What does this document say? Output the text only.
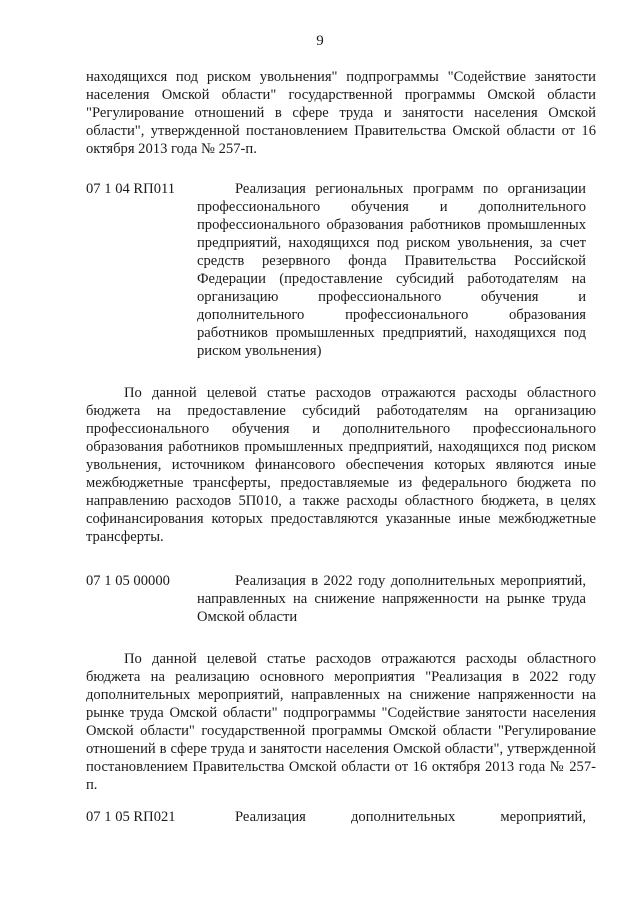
9
находящихся под риском увольнения" подпрограммы "Содействие занятости населения Омской области" государственной программы Омской области "Регулирование отношений в сфере труда и занятости населения Омской области", утвержденной постановлением Правительства Омской области от 16 октября 2013 года № 257-п.
07 1 04 RП011	Реализация региональных программ по организации профессионального обучения и дополнительного профессионального образования работников промышленных предприятий, находящихся под риском увольнения, за счет средств резервного фонда Правительства Российской Федерации (предоставление субсидий работодателям на организацию профессионального обучения и дополнительного профессионального образования работников промышленных предприятий, находящихся под риском увольнения)
По данной целевой статье расходов отражаются расходы областного бюджета на предоставление субсидий работодателям на организацию профессионального обучения и дополнительного профессионального образования работников промышленных предприятий, находящихся под риском увольнения, источником финансового обеспечения которых являются иные межбюджетные трансферты, предоставляемые из федерального бюджета по направлению расходов 5П010, а также расходы областного бюджета, в целях софинансирования которых предоставляются указанные иные межбюджетные трансферты.
07 1 05 00000	Реализация в 2022 году дополнительных мероприятий, направленных на снижение напряженности на рынке труда Омской области
По данной целевой статье расходов отражаются расходы областного бюджета на реализацию основного мероприятия "Реализация в 2022 году дополнительных мероприятий, направленных на снижение напряженности на рынке труда Омской области" подпрограммы "Содействие занятости населения Омской области" государственной программы Омской области "Регулирование отношений в сфере труда и занятости населения Омской области", утвержденной постановлением Правительства Омской области от 16 октября 2013 года № 257-п.
07 1 05 RП021	Реализация дополнительных мероприятий,
